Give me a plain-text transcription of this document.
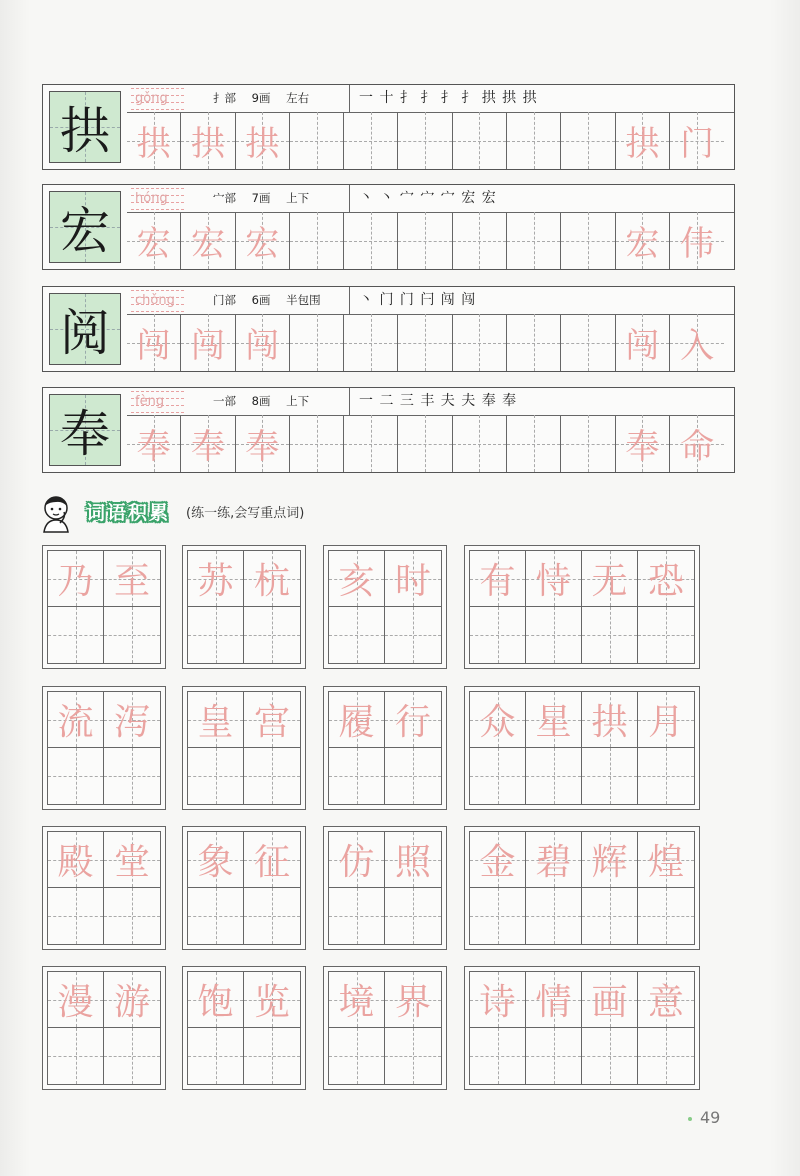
拱
gǒng	扌部 9画 左右	一 十 扌 扌 扌 扌 拱 拱 拱
拱 拱 拱	拱 门
宏
hóng	宀部 7画 上下	丶 丶 宀 宀 宀 宏 宏
宏 宏 宏	宏 伟
阅
chǒng	门部 6画 半包围	丶 门 门 闩 闯 闯
闯 闯 闯	闯 入
奉
fèng	一部 8画 上下	一 二 三 丰 夫 夫 奉 奉
奉 奉 奉	奉 命
词语积累 (练一练,会写重点词)
乃 至 苏 杭 亥 时 有 恃 无 恐
流 泻 皇 宫 履 行 众 星 拱 月
殿 堂 象 征 仿 照 金 碧 辉 煌
漫 游 饱 览 境 界 诗 情 画 意
49
